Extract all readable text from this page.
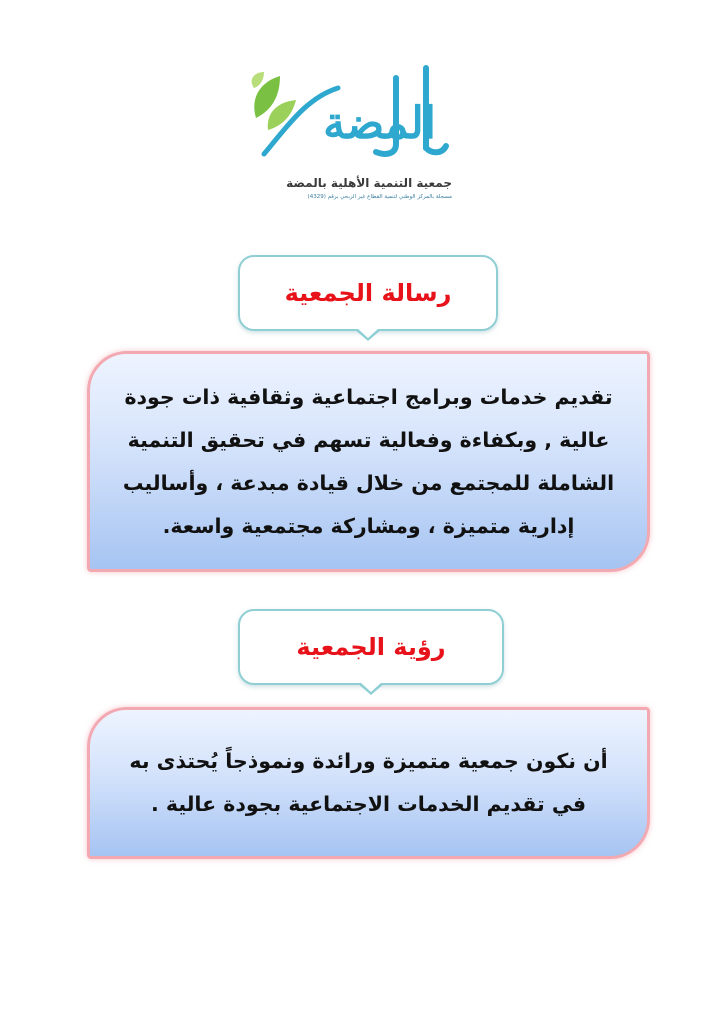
المضة
جمعية التنمية الأهلية بالمضة
مسجلة بالمركز الوطني لتنمية القطاع غير الربحي برقم (4329)
رسالة الجمعية

تقديم خدمات وبرامج اجتماعية وثقافية ذات جودة

عالية , وبكفاءة وفعالية تسهم في تحقيق التنمية

الشاملة للمجتمع من خلال قيادة مبدعة ، وأساليب

إدارية متميزة ، ومشاركة مجتمعية واسعة.

رؤية الجمعية

أن نكون جمعية متميزة ورائدة ونموذجاً يُحتذى به

في تقديم الخدمات الاجتماعية بجودة عالية .
